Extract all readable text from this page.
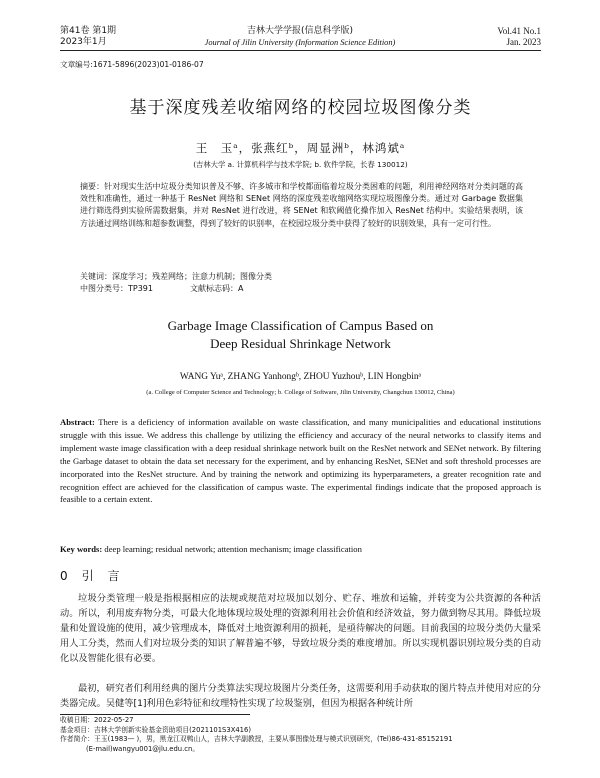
第41卷 第1期
2023年1月
吉林大学学报(信息科学版)
Journal of Jilin University (Information Science Edition)
Vol.41 No.1
Jan. 2023
文章编号:1671-5896(2023)01-0186-07
基于深度残差收缩网络的校园垃圾图像分类
王　玉ᵃ，张燕红ᵇ，周显洲ᵇ，林鸿斌ᵃ
(吉林大学 a. 计算机科学与技术学院; b. 软件学院，长春 130012)
摘要：针对现实生活中垃圾分类知识普及不够、许多城市和学校都面临着垃圾分类困难的问题，利用神经网络对分类问题的高效性和准确性，通过一种基于 ResNet 网络和 SENet 网络的深度残差收缩网络实现垃圾图像分类。通过对 Garbage 数据集进行筛选得到实验所需数据集，并对 ResNet 进行改进，将 SENet 和软阈值化操作加入 ResNet 结构中。实验结果表明，该方法通过网络训练和超参数调整，得到了较好的识别率，在校园垃圾分类中获得了较好的识别效果，具有一定可行性。
关键词：深度学习；残差网络；注意力机制；图像分类
中图分类号：TP391	文献标志码：A
Garbage Image Classification of Campus Based on
Deep Residual Shrinkage Network
WANG Yuᵃ, ZHANG Yanhongᵇ, ZHOU Yuzhouᵇ, LIN Hongbinᵃ
(a. College of Computer Science and Technology; b. College of Software, Jilin University, Changchun 130012, China)
Abstract: There is a deficiency of information available on waste classification, and many municipalities and educational institutions struggle with this issue. We address this challenge by utilizing the efficiency and accuracy of the neural networks to classify items and implement waste image classification with a deep residual shrinkage network built on the ResNet network and SENet network. By filtering the Garbage dataset to obtain the data set necessary for the experiment, and by enhancing ResNet, SENet and soft threshold processes are incorporated into the ResNet structure. And by training the network and optimizing its hyperparameters, a greater recognition rate and recognition effect are achieved for the classification of campus waste. The experimental findings indicate that the proposed approach is feasible to a certain extent.
Key words: deep learning; residual network; attention mechanism; image classification
0　引　言
垃圾分类管理一般是指根据相应的法规或规范对垃圾加以划分、贮存、堆放和运输，并转变为公共资源的各种活动。所以，利用废弃物分类，可最大化地体现垃圾处理的资源利用社会价值和经济效益，努力做到物尽其用。降低垃圾量和处置设施的使用，减少管理成本，降低对土地资源利用的损耗，是亟待解决的问题。目前我国的垃圾分类仍大量采用人工分类，然而人们对垃圾分类的知识了解普遍不够，导致垃圾分类的难度增加。所以实现机器识别垃圾分类的自动化以及智能化很有必要。
最初，研究者们利用经典的图片分类算法实现垃圾图片分类任务，这需要利用手动获取的图片特点并使用对应的分类器完成。吴健等[1]利用色彩特征和纹理特性实现了垃圾鉴别，但因为根据各种统计所
收稿日期：2022-05-27
基金项目：吉林大学创新实验基金资助项目(2021101S3X416)
作者简介：王玉(1983— )，男，黑龙江双鸭山人，吉林大学副教授，主要从事图像处理与模式识别研究，(Tel)86-431-85152191
(E-mail)wangyu001@jlu.edu.cn。
